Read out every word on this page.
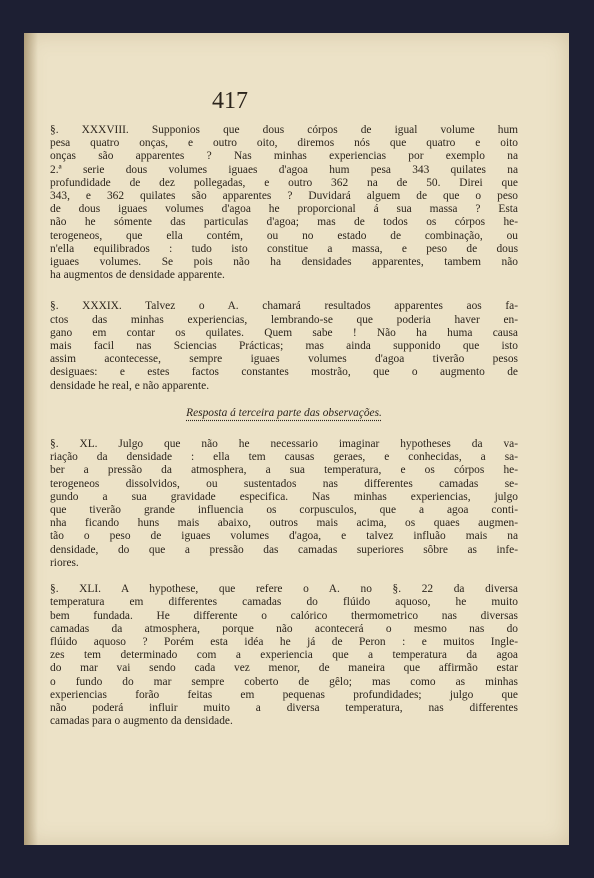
417

§. XXXVIII. Supponios que dous córpos de igual volume hum
pesa quatro onças, e outro oito, diremos nós que quatro e oito
onças são apparentes ? Nas minhas experiencias por exemplo na
2.ª serie dous volumes iguaes d'agoa hum pesa 343 quilates na
profundidade de dez pollegadas, e outro 362 na de 50. Direi que
343, e 362 quilates são apparentes ? Duvidará alguem de que o peso
de dous iguaes volumes d'agoa he proporcional á sua massa ? Esta
não he sómente das particulas d'agoa; mas de todos os córpos he-
terogeneos, que ella contém, ou no estado de combinação, ou
n'ella equilibrados : tudo isto constitue a massa, e peso de dous
iguaes volumes. Se pois não ha densidades apparentes, tambem não
ha augmentos de densidade apparente.

§. XXXIX. Talvez o A. chamará resultados apparentes aos fa-
ctos das minhas experiencias, lembrando-se que poderia haver en-
gano em contar os quilates. Quem sabe ! Não ha huma causa
mais facil nas Sciencias Prácticas; mas ainda supponido que isto
assim acontecesse, sempre iguaes volumes d'agoa tiverão pesos
desiguaes: e estes factos constantes mostrão, que o augmento de
densidade he real, e não apparente.

Resposta á terceira parte das observações.

§. XL. Julgo que não he necessario imaginar hypotheses da va-
riação da densidade : ella tem causas geraes, e conhecidas, a sa-
ber a pressão da atmosphera, a sua temperatura, e os córpos he-
terogeneos dissolvidos, ou sustentados nas differentes camadas se-
gundo a sua gravidade especifica. Nas minhas experiencias, julgo
que tiverão grande influencia os corpusculos, que a agoa conti-
nha ficando huns mais abaixo, outros mais acima, os quaes augmen-
tão o peso de iguaes volumes d'agoa, e talvez influão mais na
densidade, do que a pressão das camadas superiores sôbre as infe-
riores.

§. XLI. A hypothese, que refere o A. no §. 22 da diversa
temperatura em differentes camadas do flúido aquoso, he muito
bem fundada. He differente o calórico thermometrico nas diversas
camadas da atmosphera, porque não acontecerá o mesmo nas do
flúido aquoso ? Porém esta idéa he já de Peron : e muitos Ingle-
zes tem determinado com a experiencia que a temperatura da agoa
do mar vai sendo cada vez menor, de maneira que affirmão estar
o fundo do mar sempre coberto de gêlo; mas como as minhas
experiencias forão feitas em pequenas profundidades; julgo que
não poderá influir muito a diversa temperatura, nas differentes
camadas para o augmento da densidade.
